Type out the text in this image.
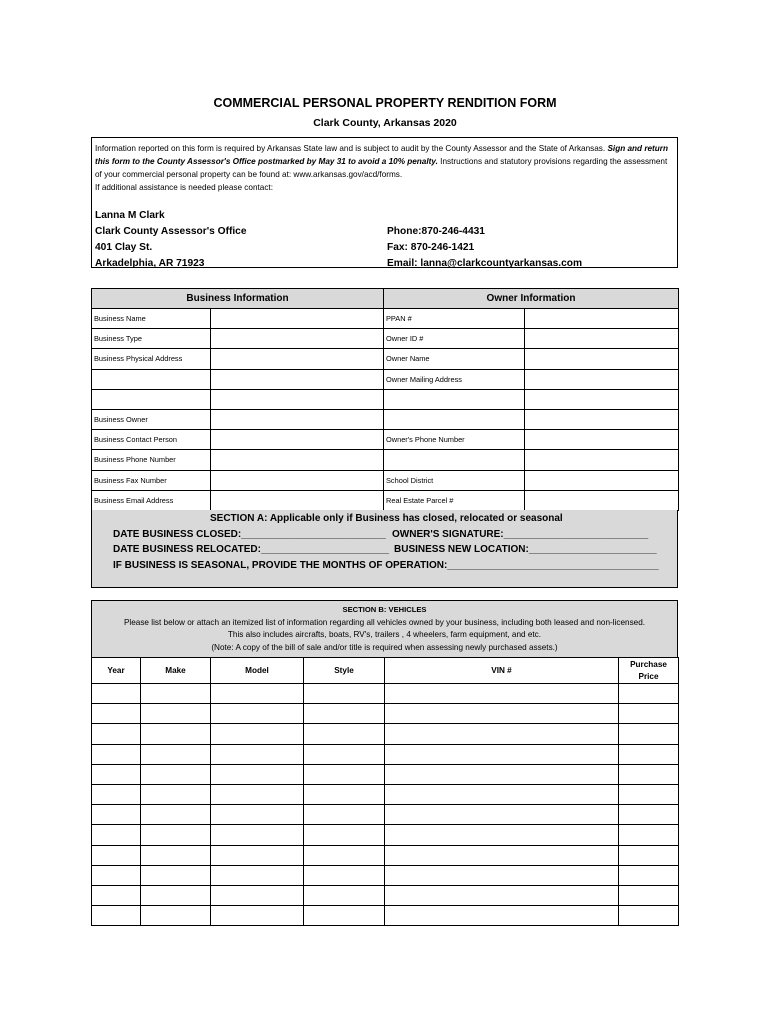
COMMERCIAL PERSONAL PROPERTY RENDITION FORM
Clark County, Arkansas 2020
Information reported on this form is required by Arkansas State law and is subject to audit by the County Assessor and the State of Arkansas. Sign and return this form to the County Assessor's Office postmarked by May 31 to avoid a 10% penalty. Instructions and statutory provisions regarding the assessment of your commercial personal property can be found at: www.arkansas.gov/acd/forms.
If additional assistance is needed please contact:
Lanna M Clark
Clark County Assessor's Office
401 Clay St.
Arkadelphia, AR 71923
Phone:870-246-4431
Fax: 870-246-1421
Email: lanna@clarkcountyarkansas.com
Business Information		Owner Information	
Business Name		PPAN #	
Business Type		Owner ID #	
Business Physical Address		Owner Name	
		Owner Mailing Address	

Business Owner			
Business Contact Person		Owner's Phone Number	
Business Phone Number			
Business Fax Number		School District	
Business Email Address		Real Estate Parcel #	
SECTION A: Applicable only if Business has closed, relocated or seasonal
DATE BUSINESS CLOSED:__________________________ OWNER'S SIGNATURE:__________________________
DATE BUSINESS RELOCATED:_______________________ BUSINESS NEW LOCATION:_______________________
IF BUSINESS IS SEASONAL, PROVIDE THE MONTHS OF OPERATION:______________________________________
SECTION B: VEHICLES
Please list below or attach an itemized list of information regarding all vehicles owned by your business, including both leased and non-licensed.
This also includes aircrafts, boats, RV's, trailers , 4 wheelers, farm equipment, and etc.
(Note: A copy of the bill of sale and/or title is required when assessing newly purchased assets.)
Year	Make	Model	Style	VIN #	Purchase Price
